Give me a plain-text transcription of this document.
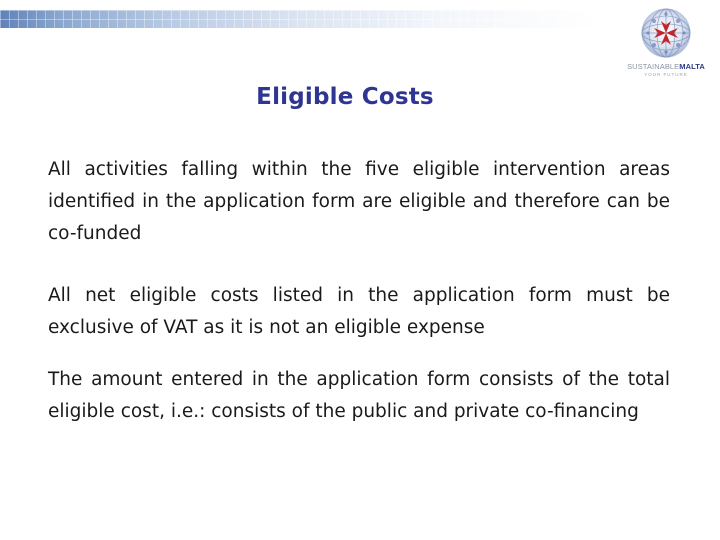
SUSTAINABLEMALTA
YOUR FUTURE
Eligible Costs
All activities falling within the five eligible intervention areas identified in the application form are eligible and therefore can be co-funded
All net eligible costs listed in the application form must be exclusive of VAT as it is not an eligible expense
The amount entered in the application form consists of the total eligible cost, i.e.: consists of the public and private co-financing
